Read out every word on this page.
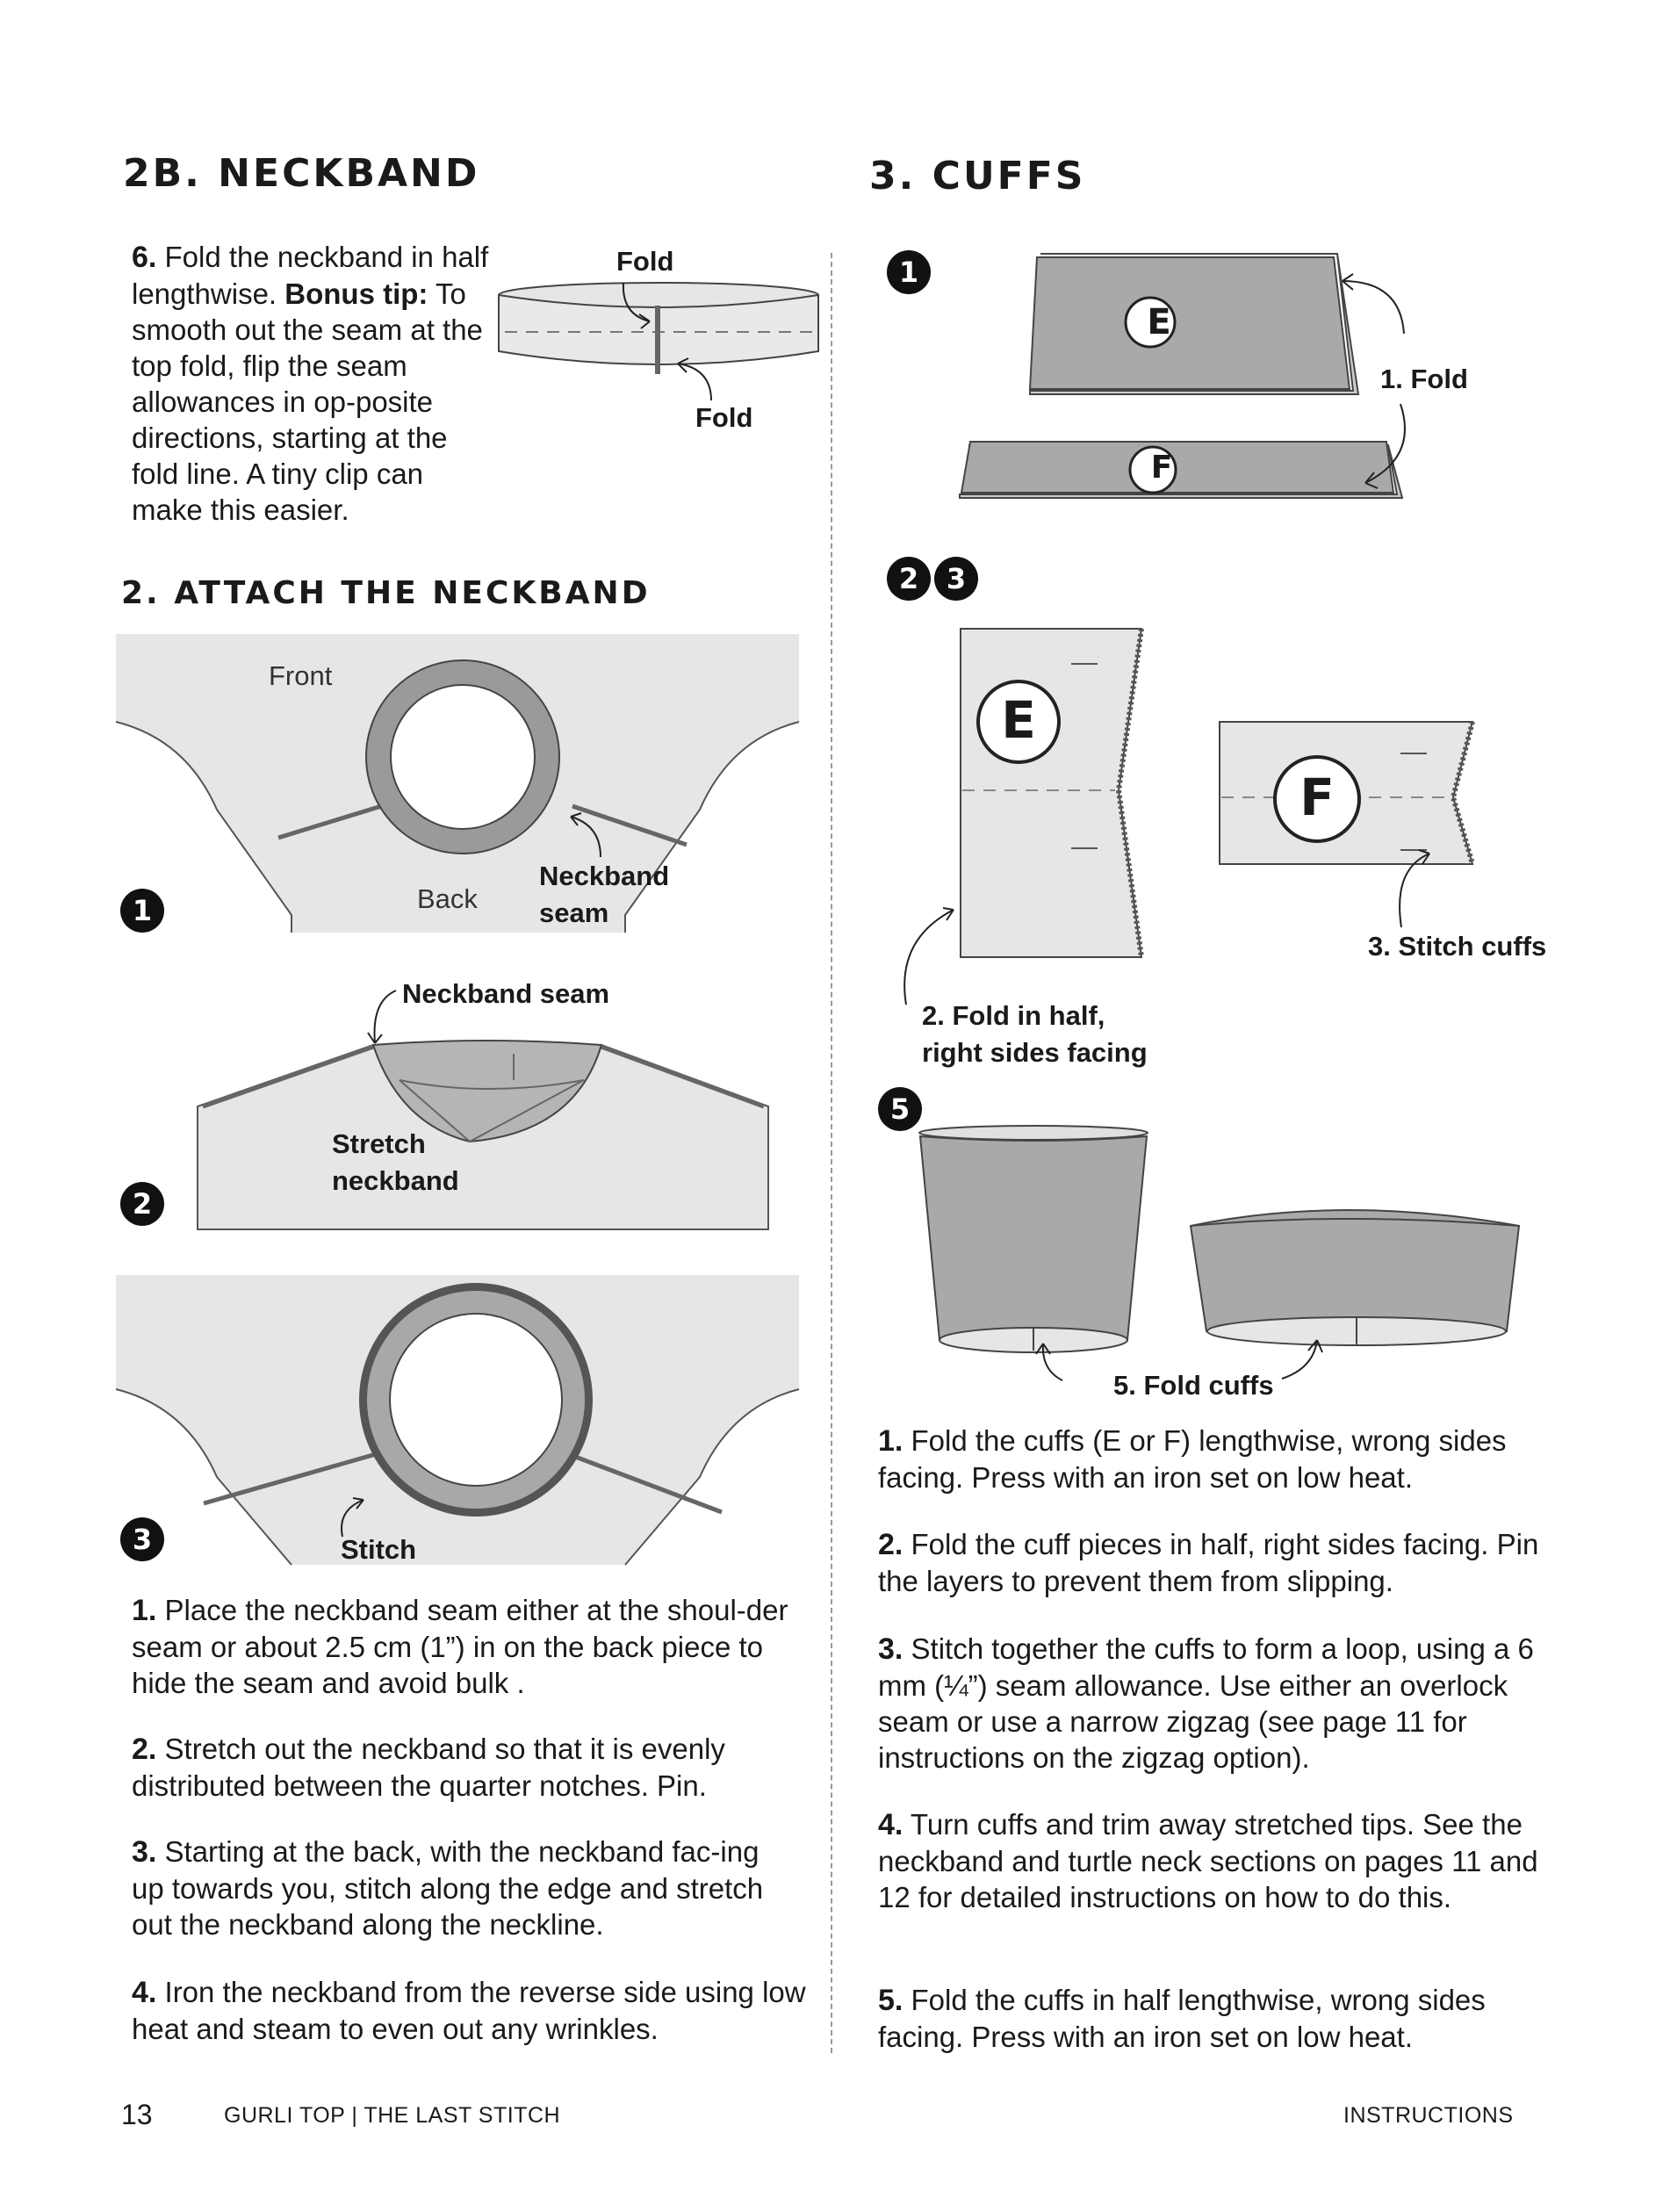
2B. NECKBAND

6. Fold the neckband in half lengthwise. Bonus tip: To smooth out the seam at the top fold, flip the seam allowances in op-posite directions, starting at the fold line. A tiny clip can make this easier.

Fold
Fold
2. ATTACH THE NECKBAND
Front
Back
Neckband
seam
1
Neckband seam
Stretch
neckband
2
Stitch
3

1. Place the neckband seam either at the shoul-der seam or about 2.5 cm (1”) in on the back piece to hide the seam and avoid bulk .

2. Stretch out the neckband so that it is evenly distributed between the quarter notches. Pin.

3. Starting at the back, with the neckband fac-ing up towards you, stitch along the edge and stretch out the neckband along the neckline.

4. Iron the neckband from the reverse side using low heat and steam to even out any wrinkles.

3. CUFFS
1
E
F
1. Fold
2 3
E
F
3. Stitch cuffs
2. Fold in half,
right sides facing
5
5. Fold cuffs

1. Fold the cuffs (E or F) lengthwise, wrong sides facing. Press with an iron set on low heat.

2. Fold the cuff pieces in half, right sides facing. Pin the layers to prevent them from slipping.

3. Stitch together the cuffs to form a loop, using a 6 mm (¼”) seam allowance. Use either an overlock seam or use a narrow zigzag (see page 11 for instructions on the zigzag option).

4. Turn cuffs and trim away stretched tips. See the neckband and turtle neck sections on pages 11 and 12 for detailed instructions on how to do this.

5. Fold the cuffs in half lengthwise, wrong sides facing. Press with an iron set on low heat.

13	GURLI TOP | THE LAST STITCH	INSTRUCTIONS
